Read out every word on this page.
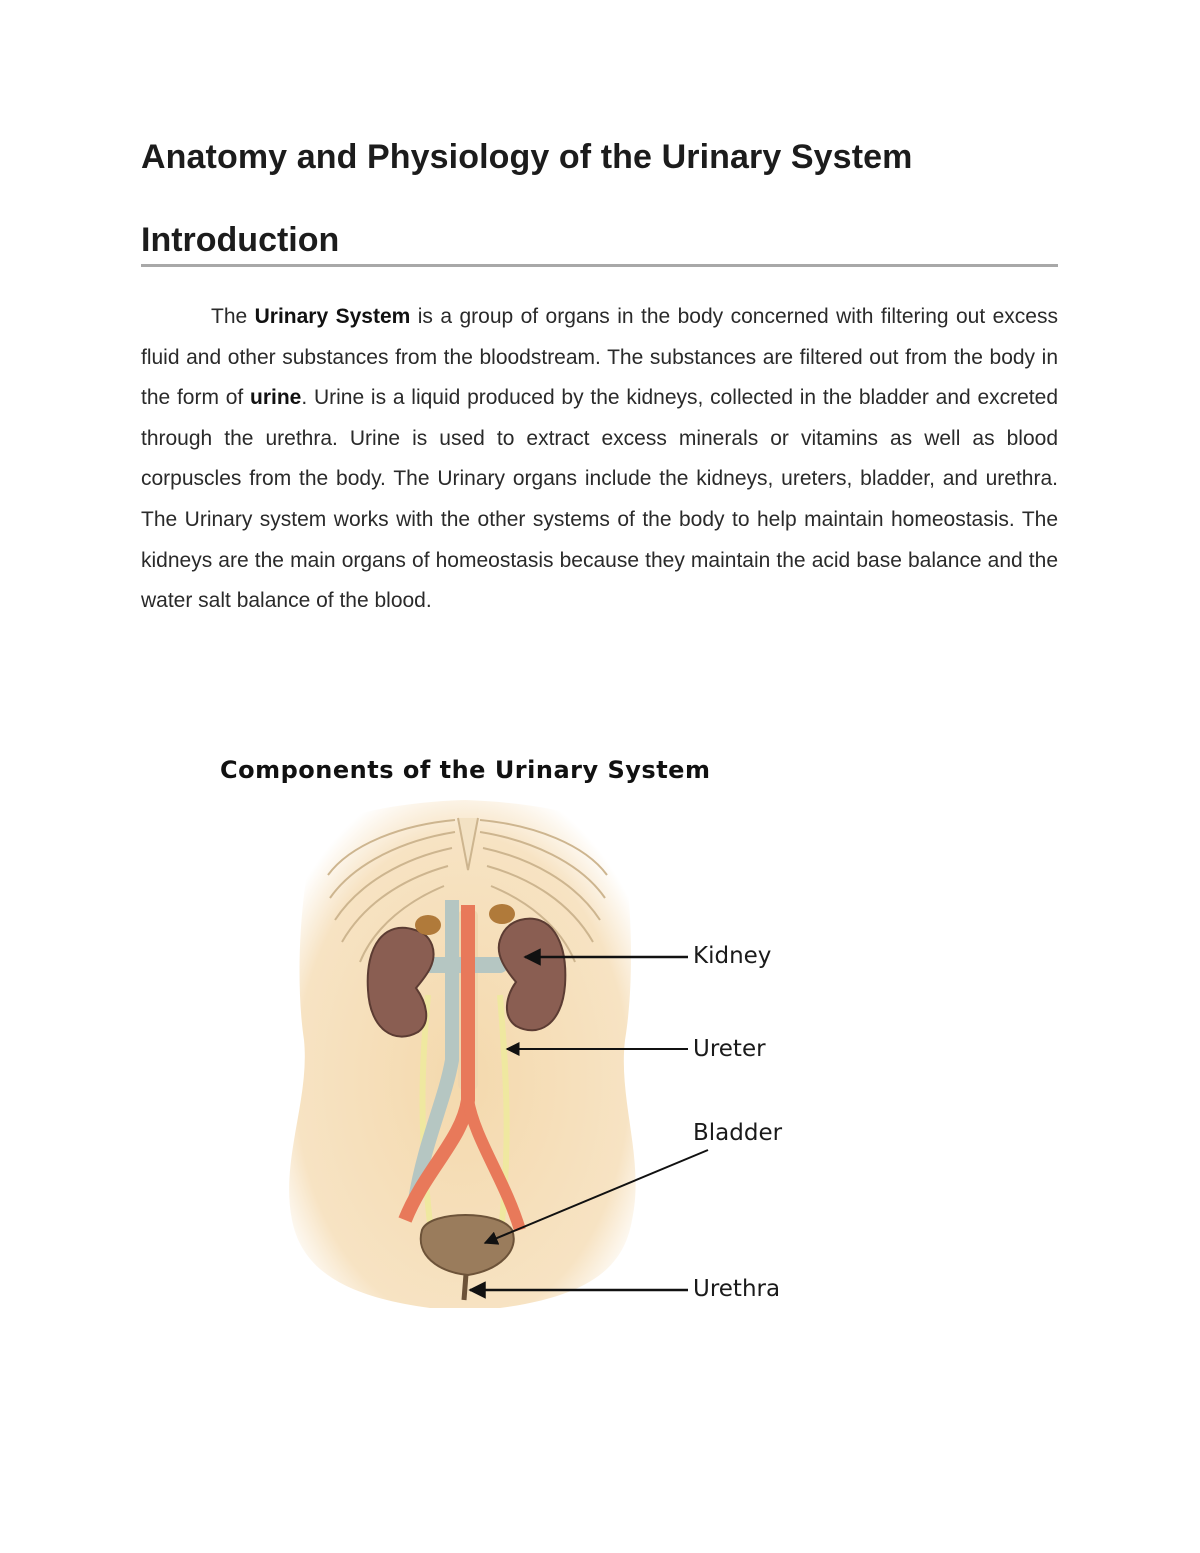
Anatomy and Physiology of the Urinary System
Introduction

The Urinary System is a group of organs in the body concerned with filtering out excess fluid and other substances from the bloodstream. The substances are filtered out from the body in the form of urine. Urine is a liquid produced by the kidneys, collected in the bladder and excreted through the urethra. Urine is used to extract excess minerals or vitamins as well as blood corpuscles from the body. The Urinary organs include the kidneys, ureters, bladder, and urethra. The Urinary system works with the other systems of the body to help maintain homeostasis. The kidneys are the main organs of homeostasis because they maintain the acid base balance and the water salt balance of the blood.

Components of the Urinary System
Kidney
Ureter
Bladder
Urethra
